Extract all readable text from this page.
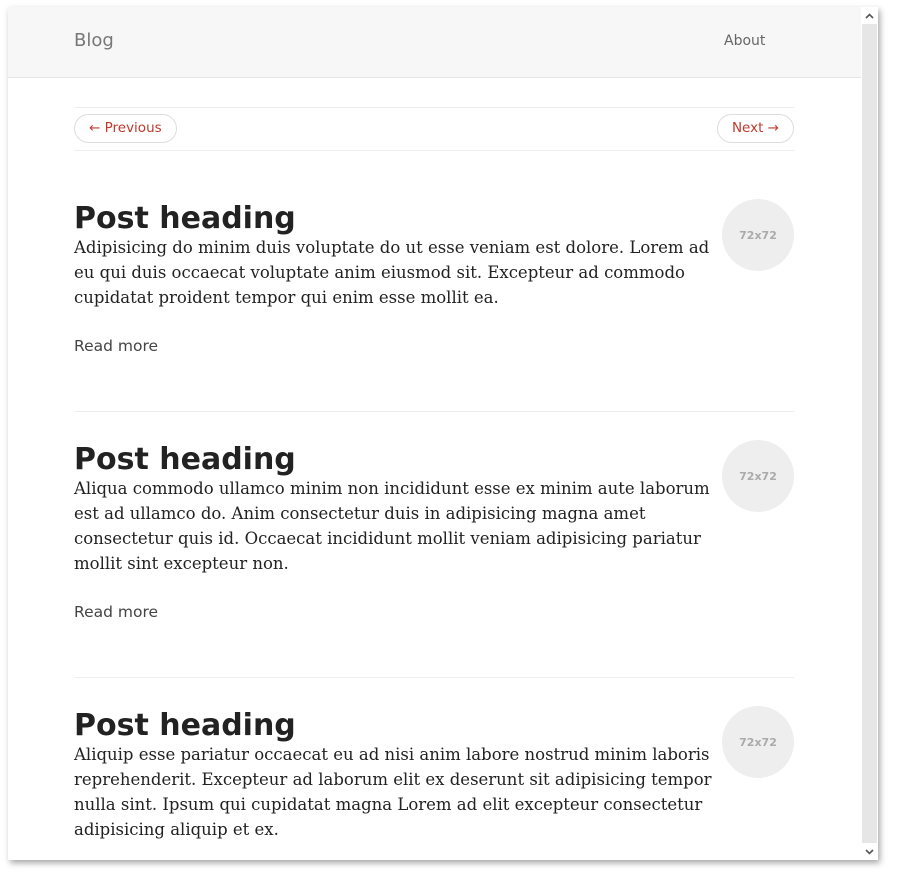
Blog	About
← Previous	Next →
Post heading

Adipisicing do minim duis voluptate do ut esse veniam est dolore. Lorem ad eu qui duis occaecat voluptate anim eiusmod sit. Excepteur ad commodo cupidatat proident tempor qui enim esse mollit ea.

Read more
72x72
Post heading

Aliqua commodo ullamco minim non incididunt esse ex minim aute laborum est ad ullamco do. Anim consectetur duis in adipisicing magna amet consectetur quis id. Occaecat incididunt mollit veniam adipisicing pariatur mollit sint excepteur non.

Read more
72x72
Post heading

Aliquip esse pariatur occaecat eu ad nisi anim labore nostrud minim laboris reprehenderit. Excepteur ad laborum elit ex deserunt sit adipisicing tempor nulla sint. Ipsum qui cupidatat magna Lorem ad elit excepteur consectetur adipisicing aliquip et ex.

72x72
